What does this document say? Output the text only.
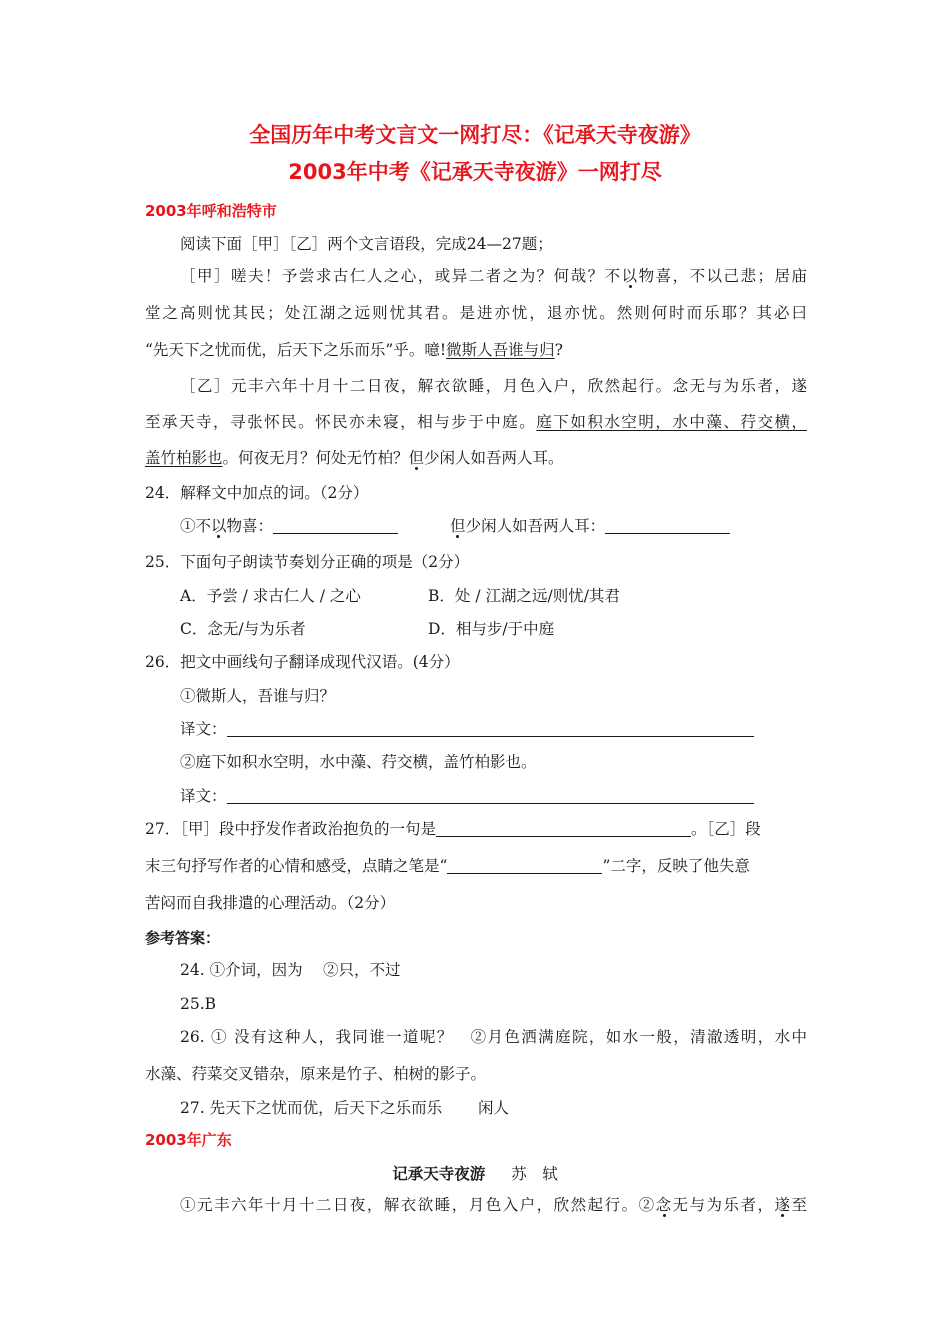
全国历年中考文言文一网打尽：《记承天寺夜游》
2003年中考《记承天寺夜游》一网打尽
2003年呼和浩特市
阅读下面［甲］［乙］两个文言语段，完成24—27题；
［甲］嗟夫！予尝求古仁人之心，或异二者之为？何哉？不以物喜，不以己悲；居庙
堂之高则忧其民；处江湖之远则忧其君。是进亦忧，退亦忧。然则何时而乐耶？其必曰
“先天下之忧而优，后天下之乐而乐”乎。噫!微斯人吾谁与归?
［乙］元丰六年十月十二日夜，解衣欲睡，月色入户，欣然起行。念无与为乐者，遂
至承天寺，寻张怀民。怀民亦未寝，相与步于中庭。庭下如积水空明，水中藻、荇交横，
盖竹柏影也。何夜无月？何处无竹柏？但少闲人如吾两人耳。
24．解释文中加点的词。（2分）
①不以物喜：	但少闲人如吾两人耳：
25．下面句子朗读节奏划分正确的项是（2分）
A．予尝 / 求古仁人 / 之心	B．处 / 江湖之远/则忧/其君
C．念无/与为乐者	D．相与步/于中庭
26．把文中画线句子翻译成现代汉语。(4分）
①微斯人，吾谁与归？
译文：
②庭下如积水空明，水中藻、荇交横，盖竹柏影也。
译文：
27．［甲］段中抒发作者政治抱负的一句是	。［乙］段
末三句抒写作者的心情和感受，点睛之笔是“	”二字，反映了他失意
苦闷而自我排遣的心理活动。（2分）
参考答案：
24. ①介词，因为　 ②只，不过
25.B
26. ① 没有这种人，我同谁一道呢？　②月色洒满庭院，如水一般，清澈透明，水中
水藻、荇菜交叉错杂，原来是竹子、柏树的影子。
27. 先天下之忧而优，后天下之乐而乐　　 闲人
2003年广东
记承天寺夜游 苏　轼
①元丰六年十月十二日夜，解衣欲睡，月色入户，欣然起行。②念无与为乐者，遂至
